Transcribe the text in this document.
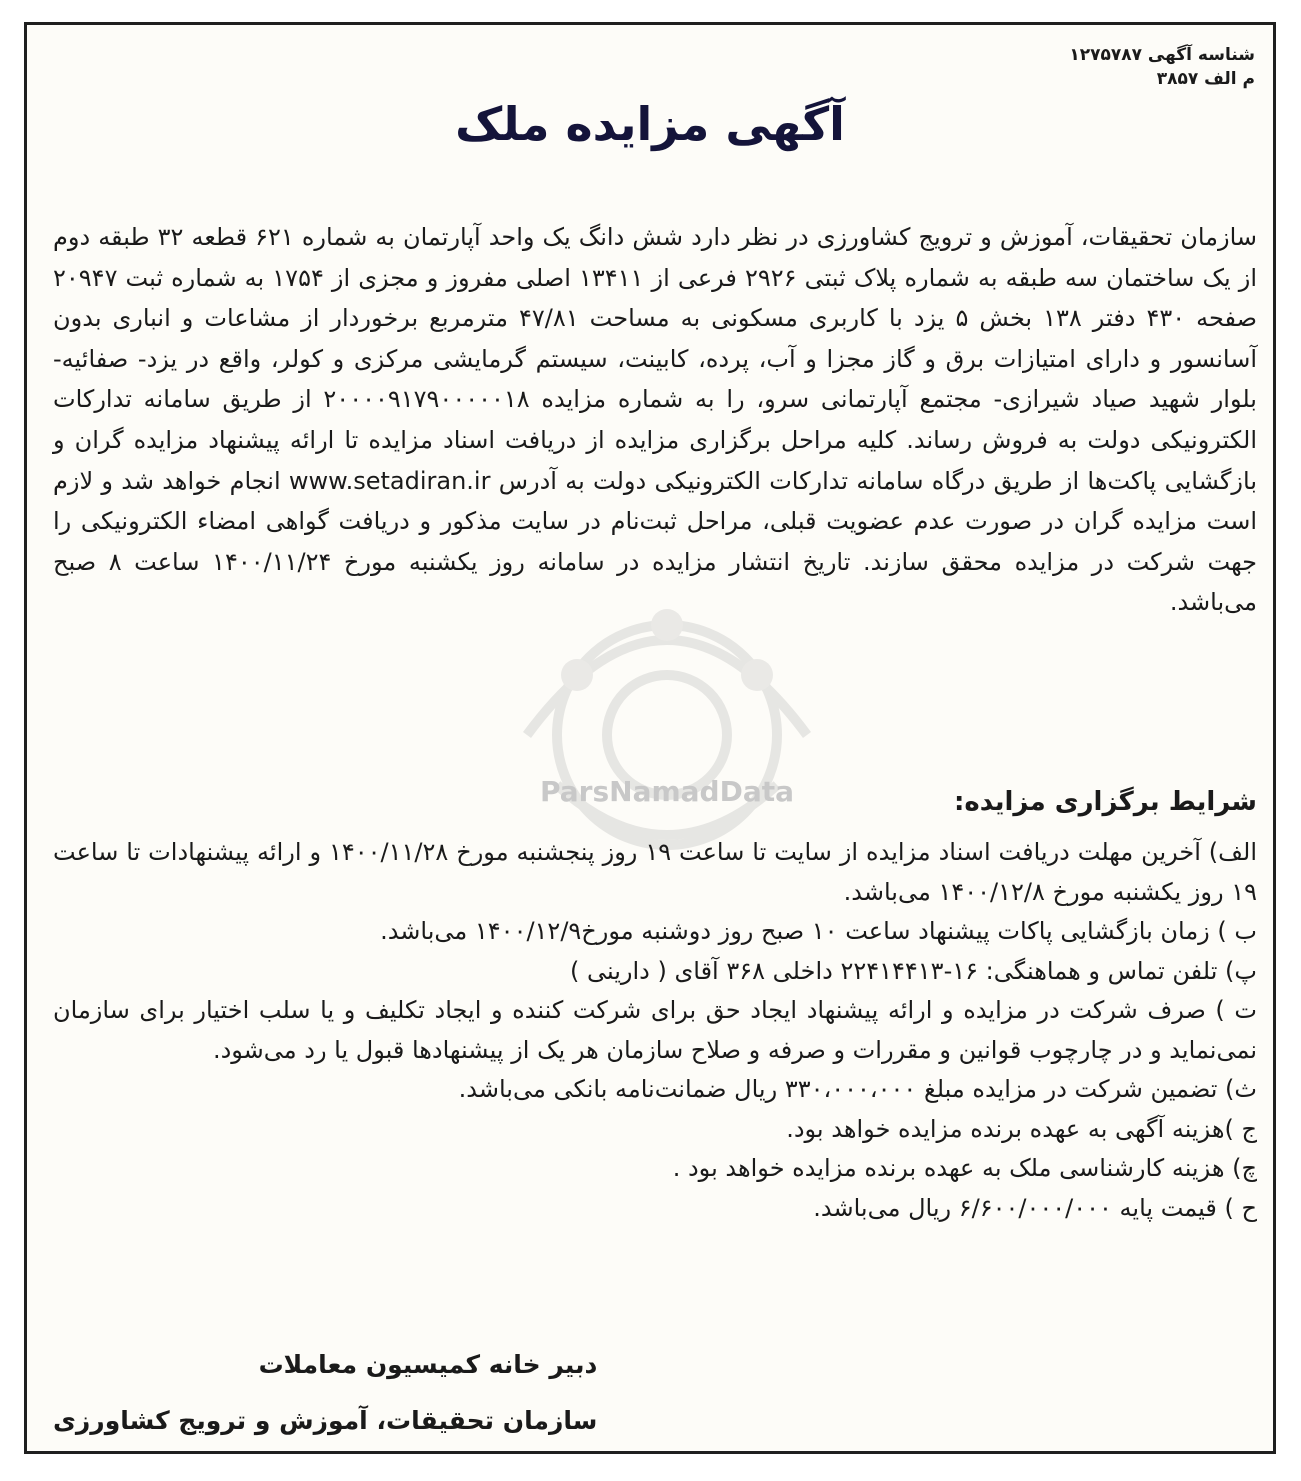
ParsNamadData
شناسه آگهی ۱۲۷۵۷۸۷
م الف ۳۸۵۷
آگهی مزایده ملک
سازمان تحقیقات، آموزش و ترویج کشاورزی در نظر دارد شش دانگ یک واحد آپارتمان به شماره ۶۲۱ قطعه ۳۲ طبقه دوم از یک ساختمان سه طبقه به شماره پلاک ثبتی ۲۹۲۶ فرعی از ۱۳۴۱۱ اصلی مفروز و مجزی از ۱۷۵۴ به شماره ثبت ۲۰۹۴۷ صفحه ۴۳۰ دفتر ۱۳۸ بخش ۵ یزد با کاربری مسکونی به مساحت ۴۷/۸۱ مترمربع برخوردار از مشاعات و انباری بدون آسانسور و دارای امتیازات برق و گاز مجزا و آب، پرده، کابینت، سیستم گرمایشی مرکزی و کولر، واقع در یزد- صفائیه- بلوار شهید صیاد شیرازی- مجتمع آپارتمانی سرو، را به شماره مزایده ۲۰۰۰۰۹۱۷۹۰۰۰۰۰۱۸ از طریق سامانه تدارکات الکترونیکی دولت به فروش رساند. کلیه مراحل برگزاری مزایده از دریافت اسناد مزایده تا ارائه پیشنهاد مزایده گران و بازگشایی پاکت‌ها از طریق درگاه سامانه تدارکات الکترونیکی دولت به آدرس www.setadiran.ir انجام خواهد شد و لازم است مزایده گران در صورت عدم عضویت قبلی، مراحل ثبت‌نام در سایت مذکور و دریافت گواهی امضاء الکترونیکی را جهت شرکت در مزایده محقق سازند. تاریخ انتشار مزایده در سامانه روز یکشنبه مورخ ۱۴۰۰/۱۱/۲۴ ساعت ۸ صبح می‌باشد.
شرایط برگزاری مزایده:

الف) آخرین مهلت دریافت اسناد مزایده از سایت تا ساعت ۱۹ روز پنجشنبه مورخ ۱۴۰۰/۱۱/۲۸ و ارائه پیشنهادات تا ساعت ۱۹ روز یکشنبه مورخ ۱۴۰۰/۱۲/۸ می‌باشد.

ب ) زمان بازگشایی پاکات پیشنهاد ساعت ۱۰ صبح روز دوشنبه مورخ۱۴۰۰/۱۲/۹ می‌باشد.

پ) تلفن تماس و هماهنگی: ۱۶-۲۲۴۱۴۴۱۳ داخلی ۳۶۸ آقای ( دارینی )

ت ) صرف شرکت در مزایده و ارائه پیشنهاد ایجاد حق برای شرکت کننده و ایجاد تکلیف و یا سلب اختیار برای سازمان نمی‌نماید و در چارچوب قوانین و مقررات و صرفه و صلاح سازمان هر یک از پیشنهادها قبول یا رد می‌شود.

ث) تضمین شرکت در مزایده مبلغ ۳۳۰،۰۰۰،۰۰۰ ریال ضمانت‌نامه بانکی می‌باشد.

ج )هزینه آگهی به عهده برنده مزایده خواهد بود.

چ) هزینه کارشناسی ملک به عهده برنده مزایده خواهد بود .

ح ) قیمت پایه ۶/۶۰۰/۰۰۰/۰۰۰ ریال می‌باشد.

دبیر خانه کمیسیون معاملات
سازمان تحقیقات، آموزش و ترویج کشاورزی
